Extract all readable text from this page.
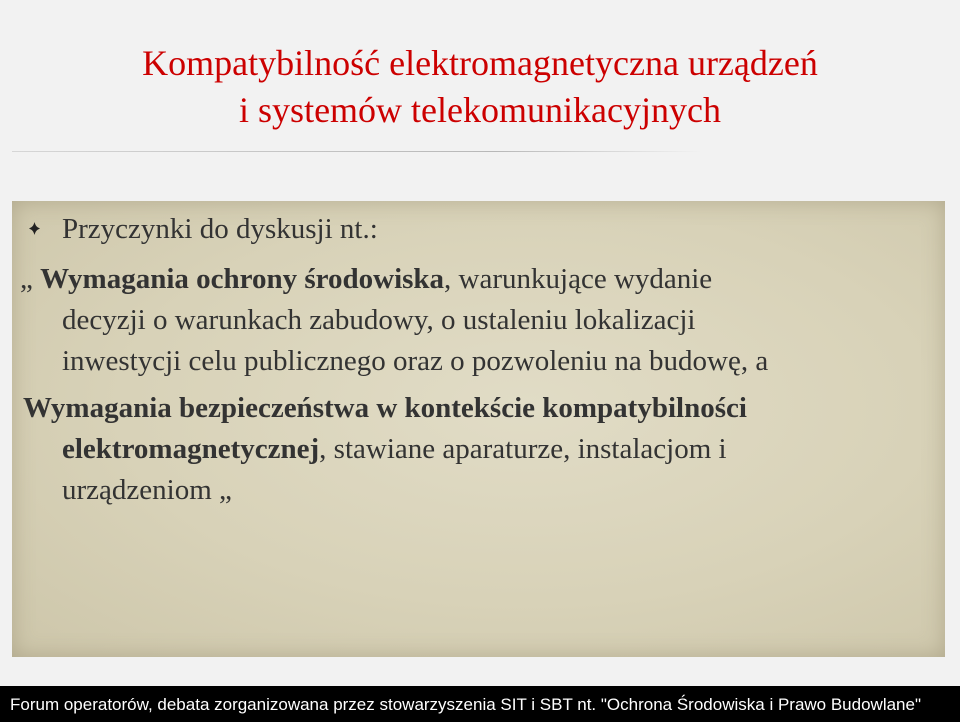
Kompatybilność elektromagnetyczna urządzeń
i systemów telekomunikacyjnych

Przyczynki do dyskusji nt.:

„ Wymagania ochrony środowiska, warunkujące wydanie

decyzji o warunkach zabudowy, o ustaleniu lokalizacji

inwestycji celu publicznego oraz o pozwoleniu na budowę, a

Wymagania bezpieczeństwa w kontekście kompatybilności

elektromagnetycznej, stawiane aparaturze, instalacjom i

urządzeniom „

Forum operatorów, debata zorganizowana przez stowarzyszenia SIT i SBT nt. "Ochrona Środowiska i Prawo Budowlane"
